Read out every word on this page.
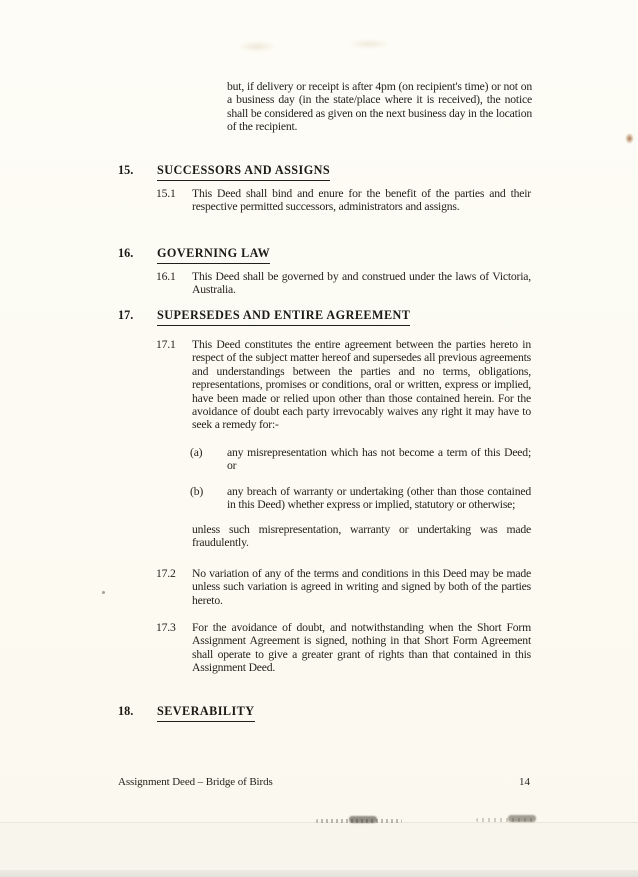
but, if delivery or receipt is after 4pm (on recipient's time) or not on a business day (in the state/place where it is received), the notice shall be considered as given on the next business day in the location of the recipient.
15. SUCCESSORS AND ASSIGNS
15.1 This Deed shall bind and enure for the benefit of the parties and their respective permitted successors, administrators and assigns.
16. GOVERNING LAW
16.1 This Deed shall be governed by and construed under the laws of Victoria, Australia.
17. SUPERSEDES AND ENTIRE AGREEMENT
17.1 This Deed constitutes the entire agreement between the parties hereto in respect of the subject matter hereof and supersedes all previous agreements and understandings between the parties and no terms, obligations, representations, promises or conditions, oral or written, express or implied, have been made or relied upon other than those contained herein. For the avoidance of doubt each party irrevocably waives any right it may have to seek a remedy for:-
(a) any misrepresentation which has not become a term of this Deed; or
(b) any breach of warranty or undertaking (other than those contained in this Deed) whether express or implied, statutory or otherwise;
unless such misrepresentation, warranty or undertaking was made fraudulently.
17.2 No variation of any of the terms and conditions in this Deed may be made unless such variation is agreed in writing and signed by both of the parties hereto.
17.3 For the avoidance of doubt, and notwithstanding when the Short Form Assignment Agreement is signed, nothing in that Short Form Agreement shall operate to give a greater grant of rights than that contained in this Assignment Deed.
18. SEVERABILITY
Assignment Deed – Bridge of Birds	14
